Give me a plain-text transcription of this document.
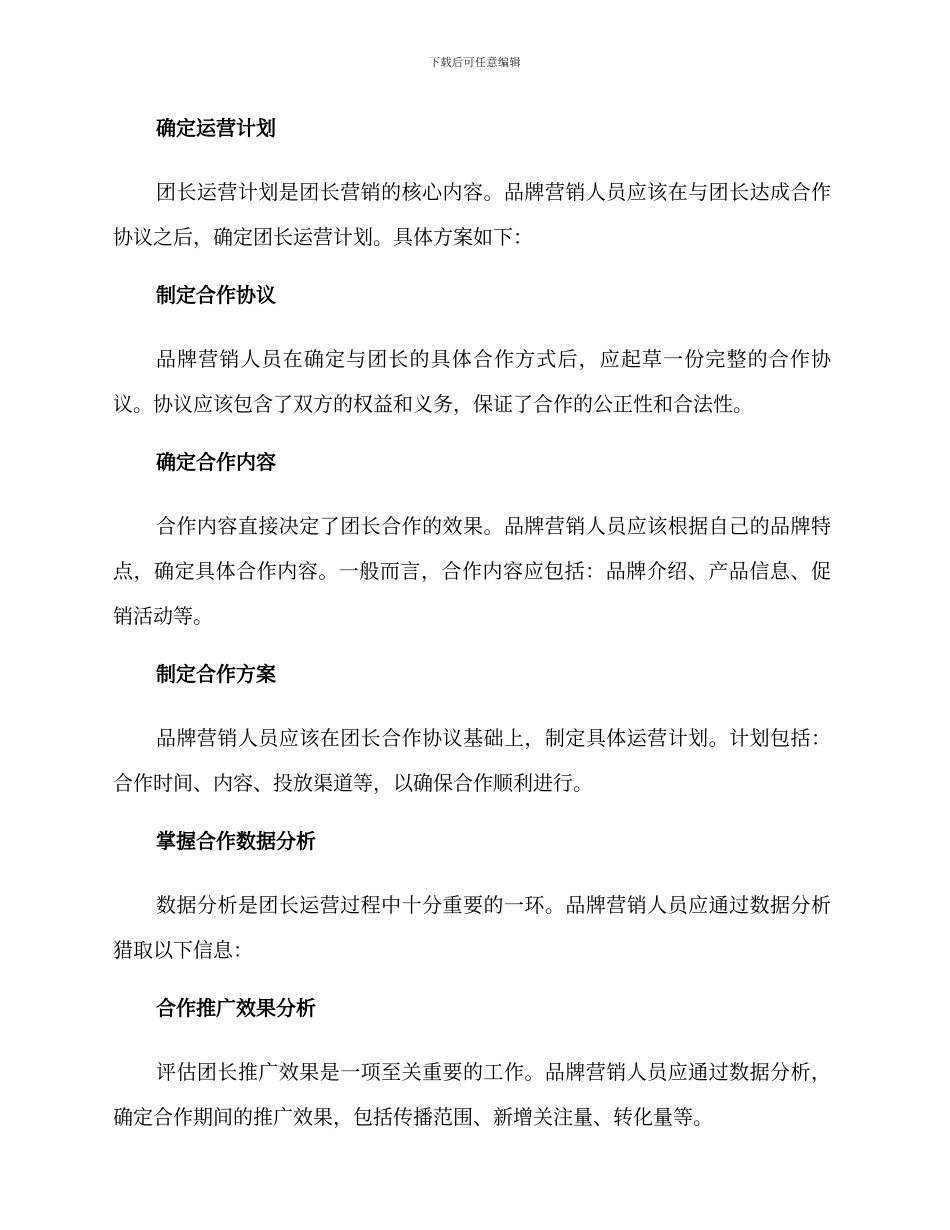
下载后可任意编辑
确定运营计划

团长运营计划是团长营销的核心内容。品牌营销人员应该在与团长达成合作协议之后，确定团长运营计划。具体方案如下：

制定合作协议

品牌营销人员在确定与团长的具体合作方式后，应起草一份完整的合作协议。协议应该包含了双方的权益和义务，保证了合作的公正性和合法性。

确定合作内容

合作内容直接决定了团长合作的效果。品牌营销人员应该根据自己的品牌特点，确定具体合作内容。一般而言，合作内容应包括：品牌介绍、产品信息、促销活动等。

制定合作方案

品牌营销人员应该在团长合作协议基础上，制定具体运营计划。计划包括：合作时间、内容、投放渠道等，以确保合作顺利进行。

掌握合作数据分析

数据分析是团长运营过程中十分重要的一环。品牌营销人员应通过数据分析猎取以下信息：

合作推广效果分析

评估团长推广效果是一项至关重要的工作。品牌营销人员应通过数据分析，确定合作期间的推广效果，包括传播范围、新增关注量、转化量等。
